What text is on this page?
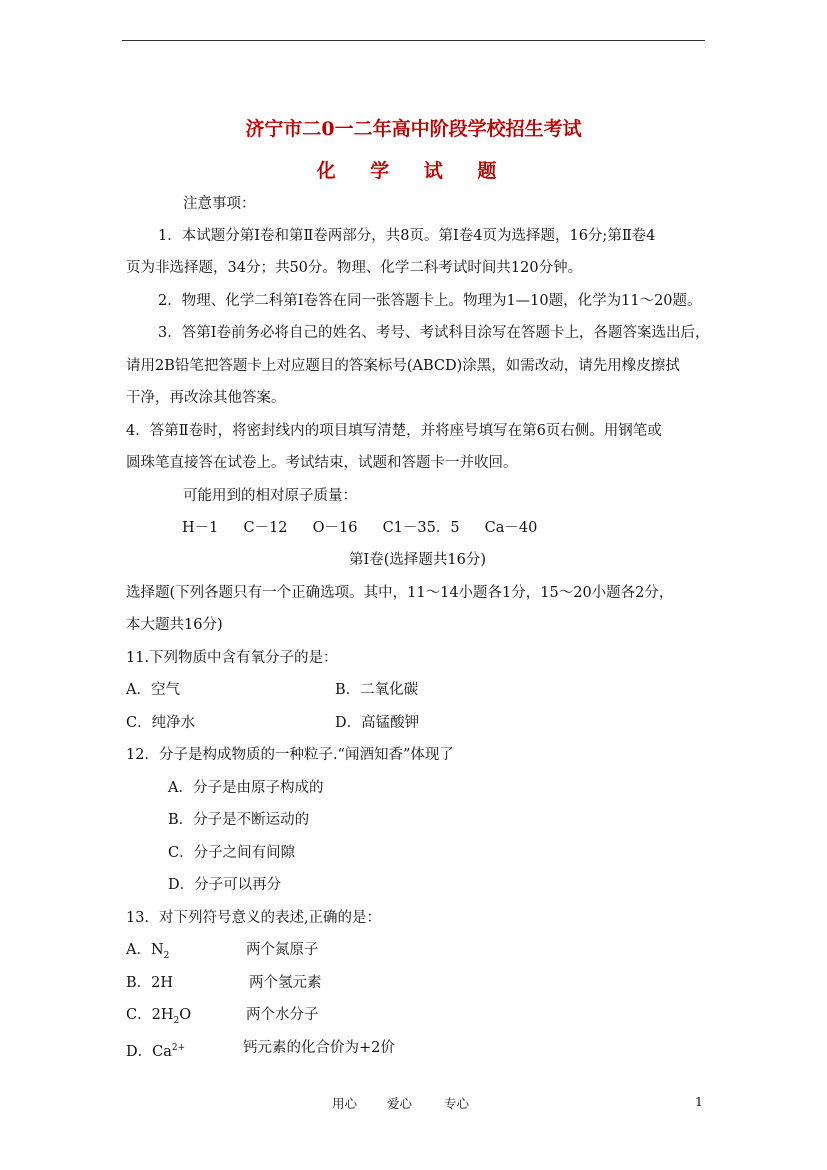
济宁市二0一二年高中阶段学校招生考试
化 学 试 题
注意事项：
1．本试题分第Ⅰ卷和第Ⅱ卷两部分，共8页。第Ⅰ卷4页为选择题，16分;第Ⅱ卷4
页为非选择题，34分；共50分。物理、化学二科考试时间共120分钟。
2．物理、化学二科第Ⅰ卷答在同一张答题卡上。物理为1—10题，化学为11～20题。
3．答第Ⅰ卷前务必将自己的姓名、考号、考试科目涂写在答题卡上，各题答案选出后，
请用2B铅笔把答题卡上对应题目的答案标号(ABCD)涂黑，如需改动，请先用橡皮擦拭
干净，再改涂其他答案。
4．答第Ⅱ卷时，将密封线内的项目填写清楚，并将座号填写在第6页右侧。用钢笔或
圆珠笔直接答在试卷上。考试结束，试题和答题卡一并收回。
可能用到的相对原子质量：
H－1　 C－12　 O－16　 C1－35．5　 Ca－40
第Ⅰ卷(选择题共16分)
选择题(下列各题只有一个正确选项。其中，11～14小题各1分，15～20小题各2分，
本大题共16分)
11.下列物质中含有氧分子的是：
A．空气	B．二氧化碳
C．纯净水	D．高锰酸钾
12．分子是构成物质的一种粒子.“闻酒知香”体现了
A．分子是由原子构成的
B．分子是不断运动的
C．分子之间有间隙
D．分子可以再分
13．对下列符号意义的表述,正确的是：
A．$N_2$	两个氮原子
B．2H	两个氢元素
C．$2H_2O$	两个水分子
D．$Ca^{2+}$	钙元素的化合价为+2价
用心 爱心	专心	1
